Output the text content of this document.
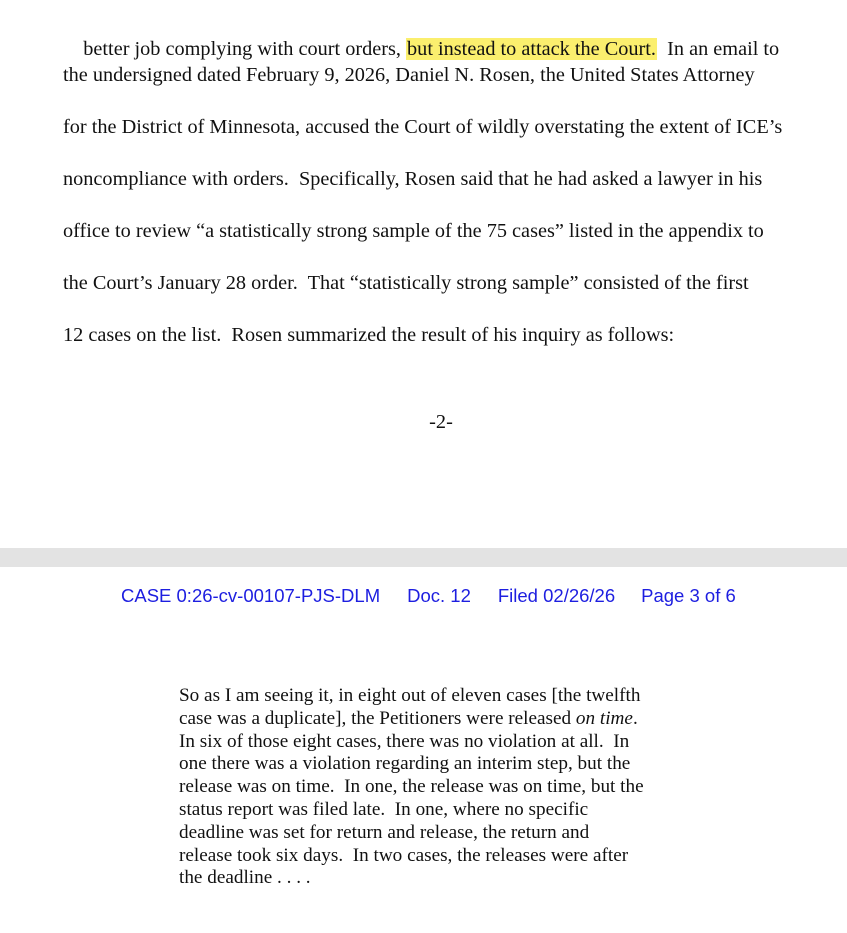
better job complying with court orders, but instead to attack the Court.  In an email to

the undersigned dated February 9, 2026, Daniel N. Rosen, the United States Attorney

for the District of Minnesota, accused the Court of wildly overstating the extent of ICE’s

noncompliance with orders.  Specifically, Rosen said that he had asked a lawyer in his

office to review “a statistically strong sample of the 75 cases” listed in the appendix to

the Court’s January 28 order.  That “statistically strong sample” consisted of the first

12 cases on the list.  Rosen summarized the result of his inquiry as follows:

-2-
CASE 0:26-cv-00107-PJS-DLM Doc. 12 Filed 02/26/26 Page 3 of 6
So as I am seeing it, in eight out of eleven cases [the twelfth
case was a duplicate], the Petitioners were released on time.
In six of those eight cases, there was no violation at all.  In
one there was a violation regarding an interim step, but the
release was on time.  In one, the release was on time, but the
status report was filed late.  In one, where no specific
deadline was set for return and release, the return and
release took six days.  In two cases, the releases were after
the deadline . . . .
